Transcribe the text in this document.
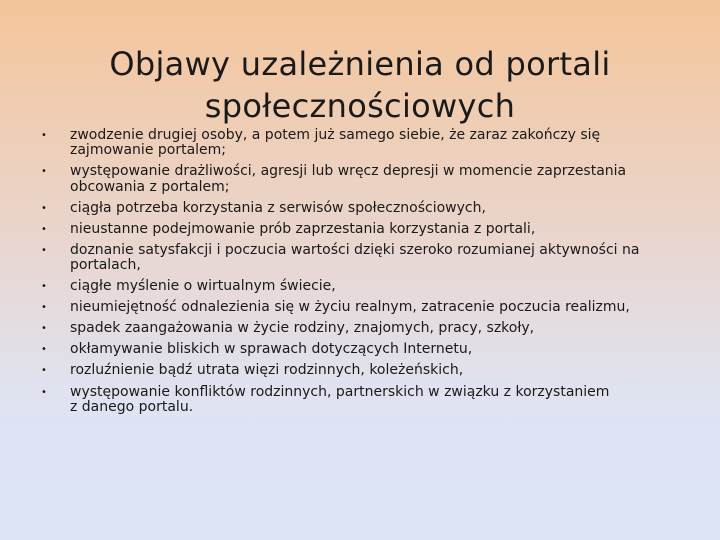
Objawy uzależnienia od portali
społecznościowych
• zwodzenie drugiej osoby, a potem już samego siebie, że zaraz zakończy się
zajmowanie portalem;
• występowanie drażliwości, agresji lub wręcz depresji w momencie zaprzestania
obcowania z portalem;
• ciągła potrzeba korzystania z serwisów społecznościowych,
• nieustanne podejmowanie prób zaprzestania korzystania z portali,
• doznanie satysfakcji i poczucia wartości dzięki szeroko rozumianej aktywności na
portalach,
• ciągłe myślenie o wirtualnym świecie,
• nieumiejętność odnalezienia się w życiu realnym, zatracenie poczucia realizmu,
• spadek zaangażowania w życie rodziny, znajomych, pracy, szkoły,
• okłamywanie bliskich w sprawach dotyczących Internetu,
• rozluźnienie bądź utrata więzi rodzinnych, koleżeńskich,
• występowanie konfliktów rodzinnych, partnerskich w związku z korzystaniem
z danego portalu.
